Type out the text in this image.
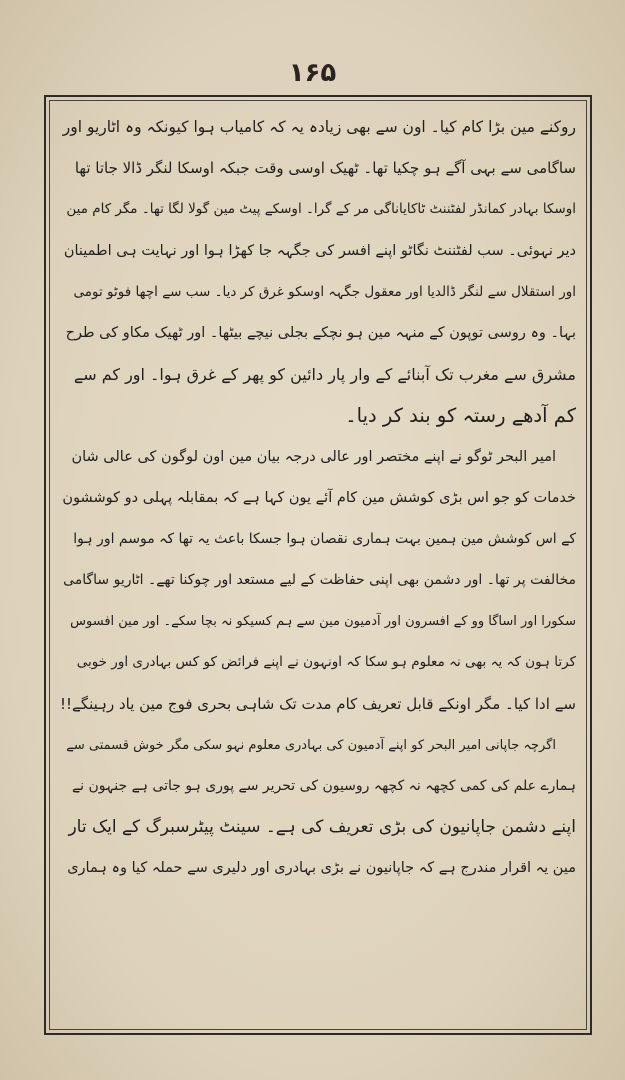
۱۶۵
روکنے مین بڑا کام کیا۔ اون سے بھی زیادہ یہ کہ کامیاب ہوا کیونکہ وہ اٹاریو اور
ساگامی سے بہی آگے ہو چکیا تھا۔ ٹھیک اوسی وقت جبکہ اوسکا لنگر ڈالا جاتا تھا
اوسکا بہادر کمانڈر لفٹننٹ ٹاکایاناگی مر کے گرا۔ اوسکے پیٹ مین گولا لگا تھا۔ مگر کام مین
دیر نہوئی۔ سب لفٹننٹ نگاٹو اپنے افسر کی جگہہ جا کھڑا ہوا اور نہایت ہی اطمینان
اور استقلال سے لنگر ڈالدیا اور معقول جگہہ اوسکو غرق کر دیا۔ سب سے اچھا فوٹو تومی
بہا۔ وہ روسی توپون کے منہہ مین ہو نچکے بجلی نیچے بیٹھا۔ اور ٹھیک مکاو کی طرح
مشرق سے مغرب تک آبنائے کے وار پار دائین کو پھر کے غرق ہوا۔ اور کم سے
کم آدھے رستہ کو بند کر دیا۔
امیر البحر ٹوگو نے اپنے مختصر اور عالی درجہ بیان مین اون لوگون کی عالی شان
خدمات کو جو اس بڑی کوشش مین کام آئے یون کہا ہے کہ بمقابلہ پہلی دو کوششون
کے اس کوشش مین ہمین بہت ہماری نقصان ہوا جسکا باعث یہ تھا کہ موسم اور ہوا
مخالفت پر تھا۔ اور دشمن بھی اپنی حفاظت کے لیے مستعد اور چوکنا تھے۔ اٹاریو ساگامی
سکورا اور اساگا وو کے افسرون اور آدمیون مین سے ہم کسیکو نہ بچا سکے۔ اور مین افسوس
کرتا ہون کہ یہ بھی نہ معلوم ہو سکا کہ اونہون نے اپنے فرائض کو کس بہادری اور خوبی
سے ادا کیا۔ مگر اونکے قابل تعریف کام مدت تک شاہی بحری فوج مین یاد رہینگے!!
اگرچہ جاپانی امیر البحر کو اپنے آدمیون کی بہادری معلوم نہو سکی مگر خوش قسمتی سے
ہمارے علم کی کمی کچھہ نہ کچھہ روسیون کی تحریر سے پوری ہو جاتی ہے جنہون نے
اپنے دشمن جاپانیون کی بڑی تعریف کی ہے۔ سینٹ پیٹرسبرگ کے ایک تار
مین یہ اقرار مندرج ہے کہ جاپانیون نے بڑی بہادری اور دلیری سے حملہ کیا وہ ہماری
